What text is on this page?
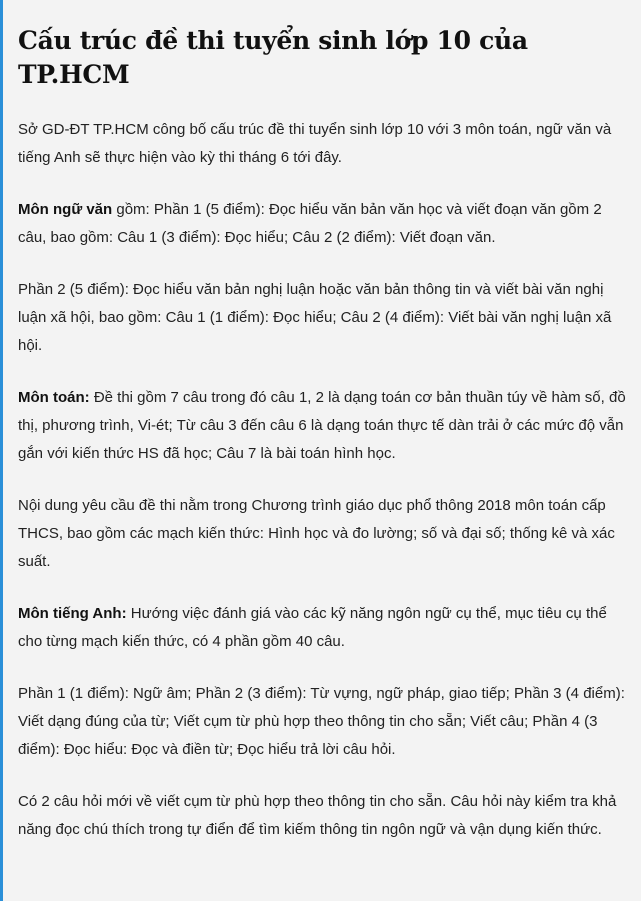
Cấu trúc đề thi tuyển sinh lớp 10 của TP.HCM

Sở GD-ĐT TP.HCM công bố cấu trúc đề thi tuyển sinh lớp 10 với 3 môn toán, ngữ văn và tiếng Anh sẽ thực hiện vào kỳ thi tháng 6 tới đây.

Môn ngữ văn gồm: Phần 1 (5 điểm): Đọc hiểu văn bản văn học và viết đoạn văn gồm 2 câu, bao gồm: Câu 1 (3 điểm): Đọc hiểu; Câu 2 (2 điểm): Viết đoạn văn.

Phần 2 (5 điểm): Đọc hiểu văn bản nghị luận hoặc văn bản thông tin và viết bài văn nghị luận xã hội, bao gồm: Câu 1 (1 điểm): Đọc hiểu; Câu 2 (4 điểm): Viết bài văn nghị luận xã hội.

Môn toán: Đề thi gồm 7 câu trong đó câu 1, 2 là dạng toán cơ bản thuần túy về hàm số, đồ thị, phương trình, Vi-ét; Từ câu 3 đến câu 6 là dạng toán thực tế dàn trải ở các mức độ vẫn gắn với kiến thức HS đã học; Câu 7 là bài toán hình học.

Nội dung yêu cầu đề thi nằm trong Chương trình giáo dục phổ thông 2018 môn toán cấp THCS, bao gồm các mạch kiến thức: Hình học và đo lường; số và đại số; thống kê và xác suất.

Môn tiếng Anh: Hướng việc đánh giá vào các kỹ năng ngôn ngữ cụ thể, mục tiêu cụ thể cho từng mạch kiến thức, có 4 phần gồm 40 câu.

Phần 1 (1 điểm): Ngữ âm; Phần 2 (3 điểm): Từ vựng, ngữ pháp, giao tiếp; Phần 3 (4 điểm): Viết dạng đúng của từ; Viết cụm từ phù hợp theo thông tin cho sẵn; Viết câu; Phần 4 (3 điểm): Đọc hiểu: Đọc và điền từ; Đọc hiểu trả lời câu hỏi.

Có 2 câu hỏi mới về viết cụm từ phù hợp theo thông tin cho sẵn. Câu hỏi này kiểm tra khả năng đọc chú thích trong tự điển để tìm kiếm thông tin ngôn ngữ và vận dụng kiến thức.
